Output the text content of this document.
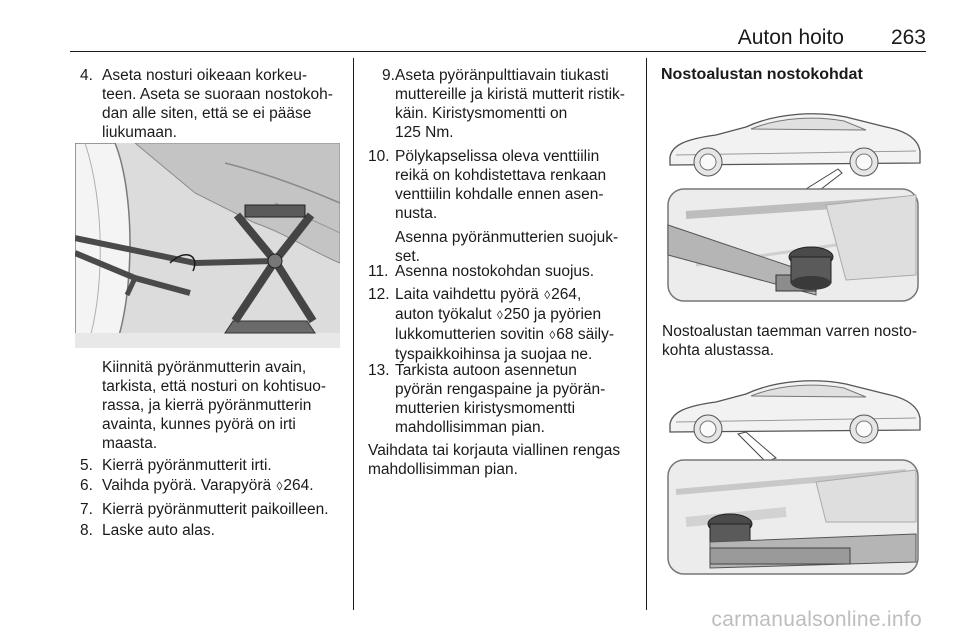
Auton hoito 263
4. Aseta nosturi oikeaan korkeu-
teen. Aseta se suoraan nostokoh-
dan alle siten, että se ei pääse
liukumaan.
Kiinnitä pyöränmutterin avain,
tarkista, että nosturi on kohtisuo-
rassa, ja kierrä pyöränmutterin
avainta, kunnes pyörä on irti
maasta.
5. Kierrä pyöränmutterit irti.
6. Vaihda pyörä. Varapyörä ◊264.
7. Kierrä pyöränmutterit paikoilleen.
8. Laske auto alas.
9. Aseta pyöränpulttiavain tiukasti
muttereille ja kiristä mutterit ristik-
käin. Kiristysmomentti on
125 Nm.
10. Pölykapselissa oleva venttiilin
reikä on kohdistettava renkaan
venttiilin kohdalle ennen asen-
nusta.
Asenna pyöränmutterien suojuk-
set.
11. Asenna nostokohdan suojus.
12. Laita vaihdettu pyörä ◊264,
auton työkalut ◊250 ja pyörien
lukkomutterien sovitin ◊68 säily-
tyspaikkoihinsa ja suojaa ne.
13. Tarkista autoon asennetun
pyörän rengaspaine ja pyörän-
mutterien kiristysmomentti
mahdollisimman pian.
Vaihdata tai korjauta viallinen rengas
mahdollisimman pian.
Nostoalustan nostokohdat
Nostoalustan taemman varren nosto-
kohta alustassa.
carmanualsonline.info
